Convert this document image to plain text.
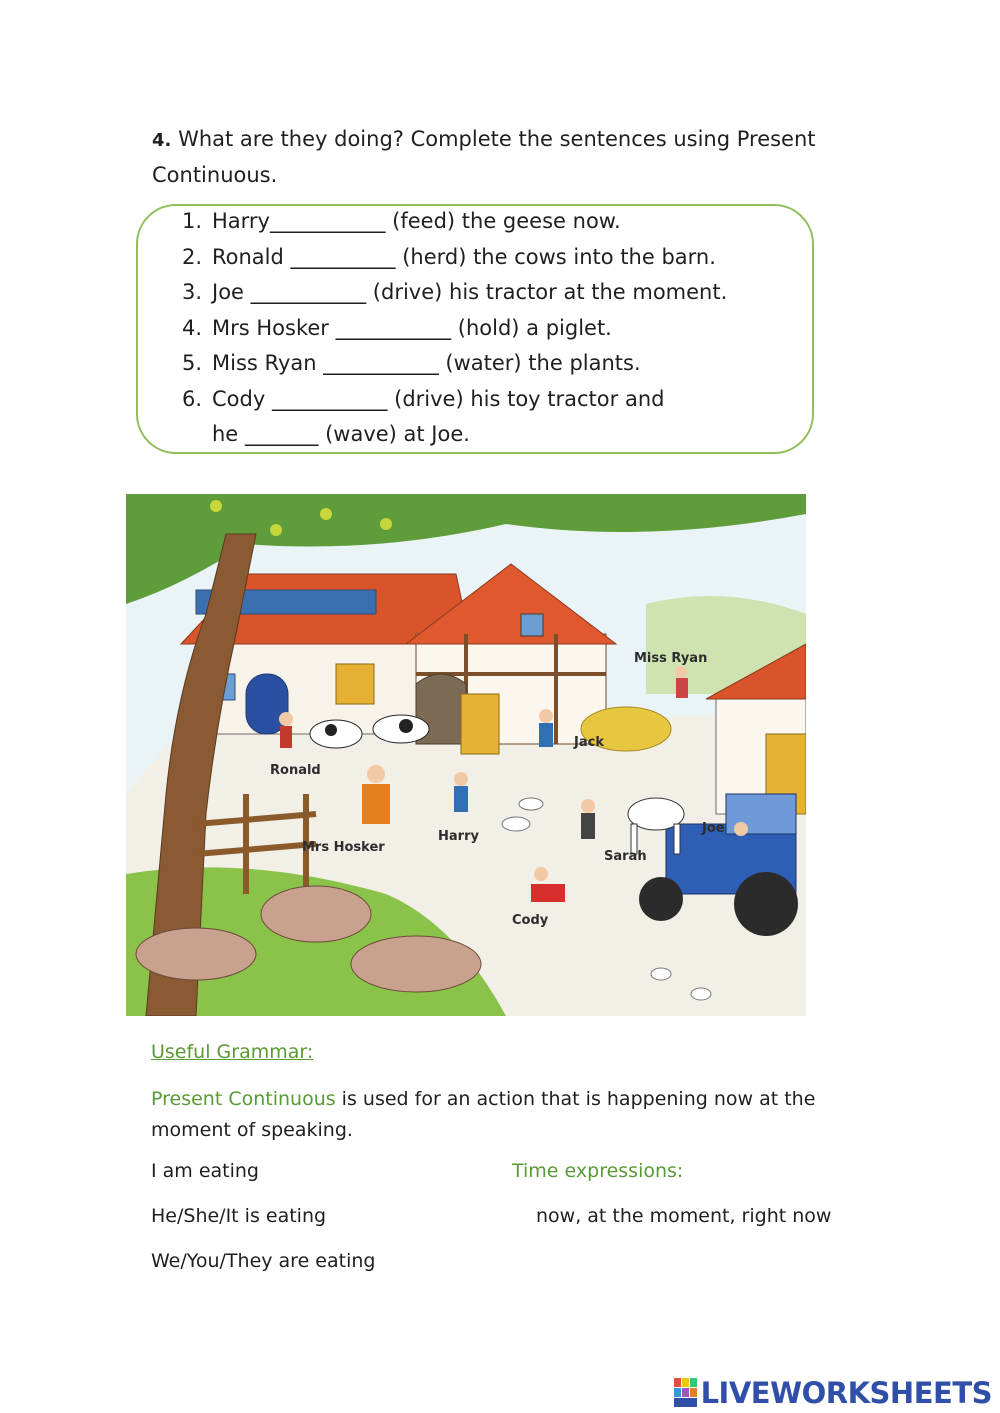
4. What are they doing? Complete the sentences using Present Continuous.
1. Harry___________ (feed) the geese now.
2. Ronald __________ (herd) the cows into the barn.
3. Joe ___________ (drive) his tractor at the moment.
4. Mrs Hosker ___________ (hold) a piglet.
5. Miss Ryan ___________ (water) the plants.
6. Cody ___________ (drive) his toy tractor and
he _______ (wave) at Joe.
Miss Ryan
Jack
Ronald
Harry
Mrs Hosker
Joe
Sarah
Cody
Useful Grammar:
Present Continuous is used for an action that is happening now at the moment of speaking.
I am eating
He/She/It is eating
We/You/They are eating
Time expressions:
now, at the moment, right now
LIVEWORKSHEETS
